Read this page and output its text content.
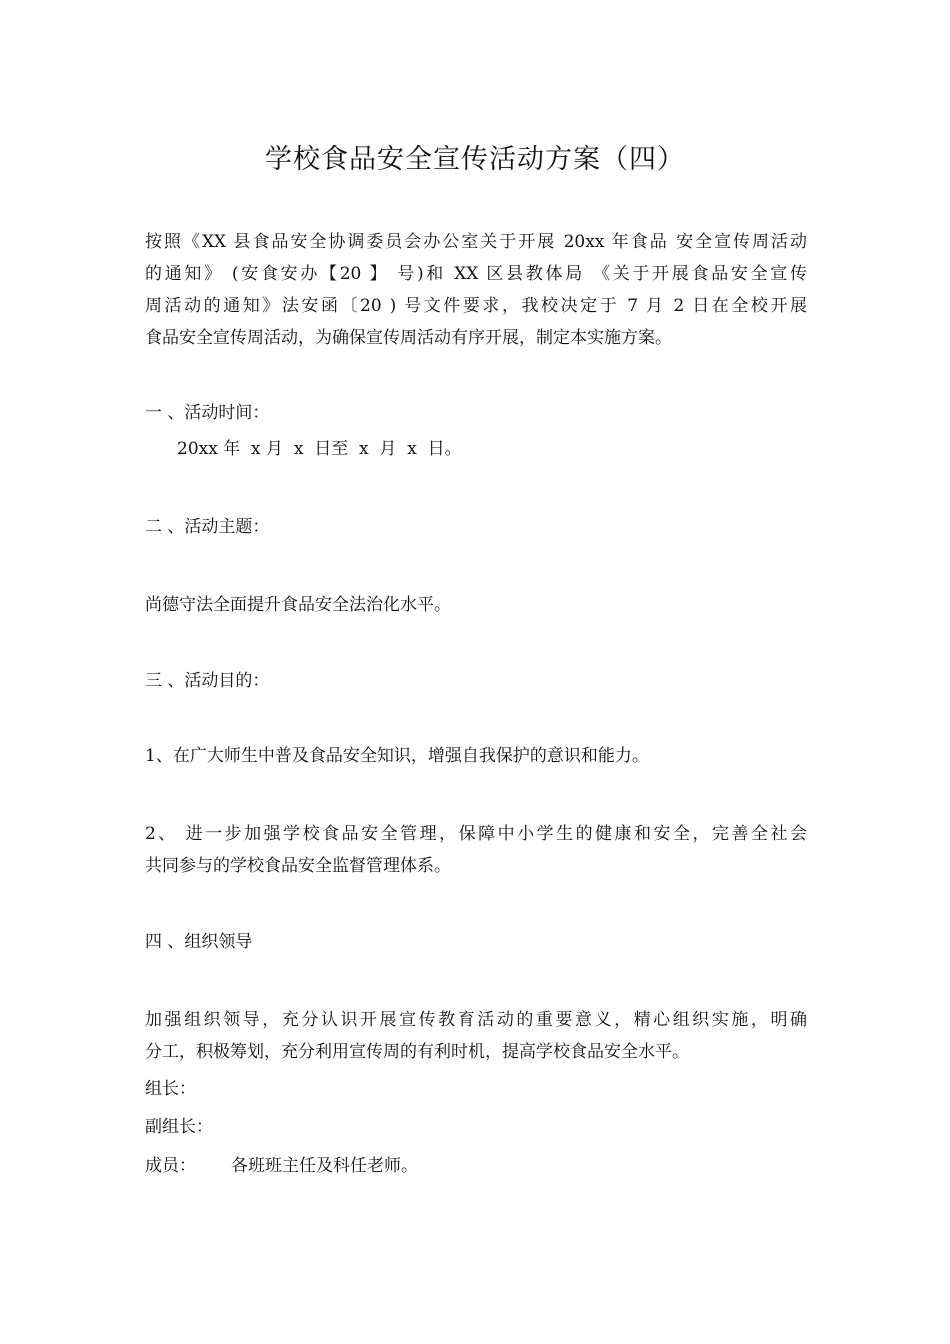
学校食品安全宣传活动方案（四）
按照《XX 县食品安全协调委员会办公室关于开展 20xx 年食品 安全宣传周活动
的通知》 (安食安办【20 】 号)和 XX 区县教体局 《关于开展食品安全宣传
周活动的通知》法安函〔20 ) 号文件要求，我校决定于 7 月 2 日在全校开展
食品安全宣传周活动，为确保宣传周活动有序开展，制定本实施方案。
一 、活动时间：
20xx 年  x 月  x  日至  x  月  x  日。
二 、活动主题：
尚德守法全面提升食品安全法治化水平。
三 、活动目的：
1、在广大师生中普及食品安全知识，增强自我保护的意识和能力。
2、 进一步加强学校食品安全管理，保障中小学生的健康和安全，完善全社会
共同参与的学校食品安全监督管理体系。
四 、组织领导
加强组织领导，充分认识开展宣传教育活动的重要意义，精心组织实施，明确
分工，积极筹划，充分利用宣传周的有利时机，提高学校食品安全水平。
组长：
副组长：
成员： 各班班主任及科任老师。
